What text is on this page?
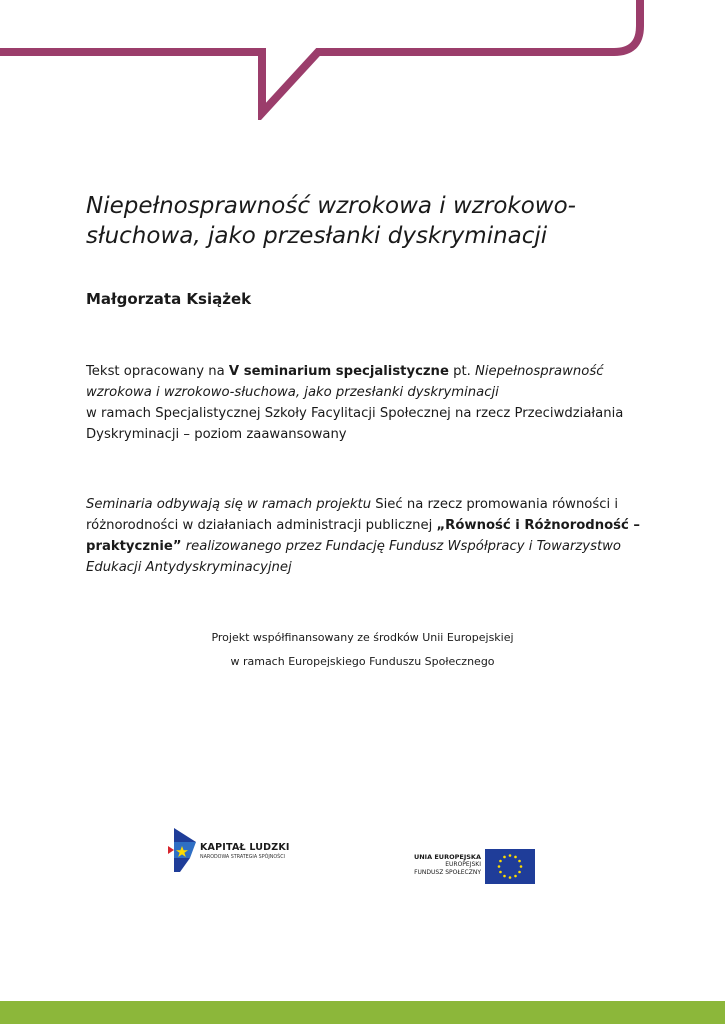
Niepełnosprawność wzrokowa i wzrokowo-słuchowa, jako przesłanki dyskryminacji

Małgorzata Książek

Tekst opracowany na V seminarium specjalistyczne pt. Niepełnosprawność wzrokowa i wzrokowo-słuchowa, jako przesłanki dyskryminacji
w ramach Specjalistycznej Szkoły Facylitacji Społecznej na rzecz Przeciwdziałania Dyskryminacji – poziom zaawansowany

Seminaria odbywają się w ramach projektu Sieć na rzecz promowania równości i różnorodności w działaniach administracji publicznej „Równość i Różnorodność – praktycznie” realizowanego przez Fundację Fundusz Współpracy i Towarzystwo Edukacji Antydyskryminacyjnej

Projekt współfinansowany ze środków Unii Europejskiej

w ramach Europejskiego Funduszu Społecznego

KAPITAŁ LUDZKI
NARODOWA STRATEGIA SPÓJNOŚCI	UNIA EUROPEJSKA
EUROPEJSKI
FUNDUSZ SPOŁECZNY
